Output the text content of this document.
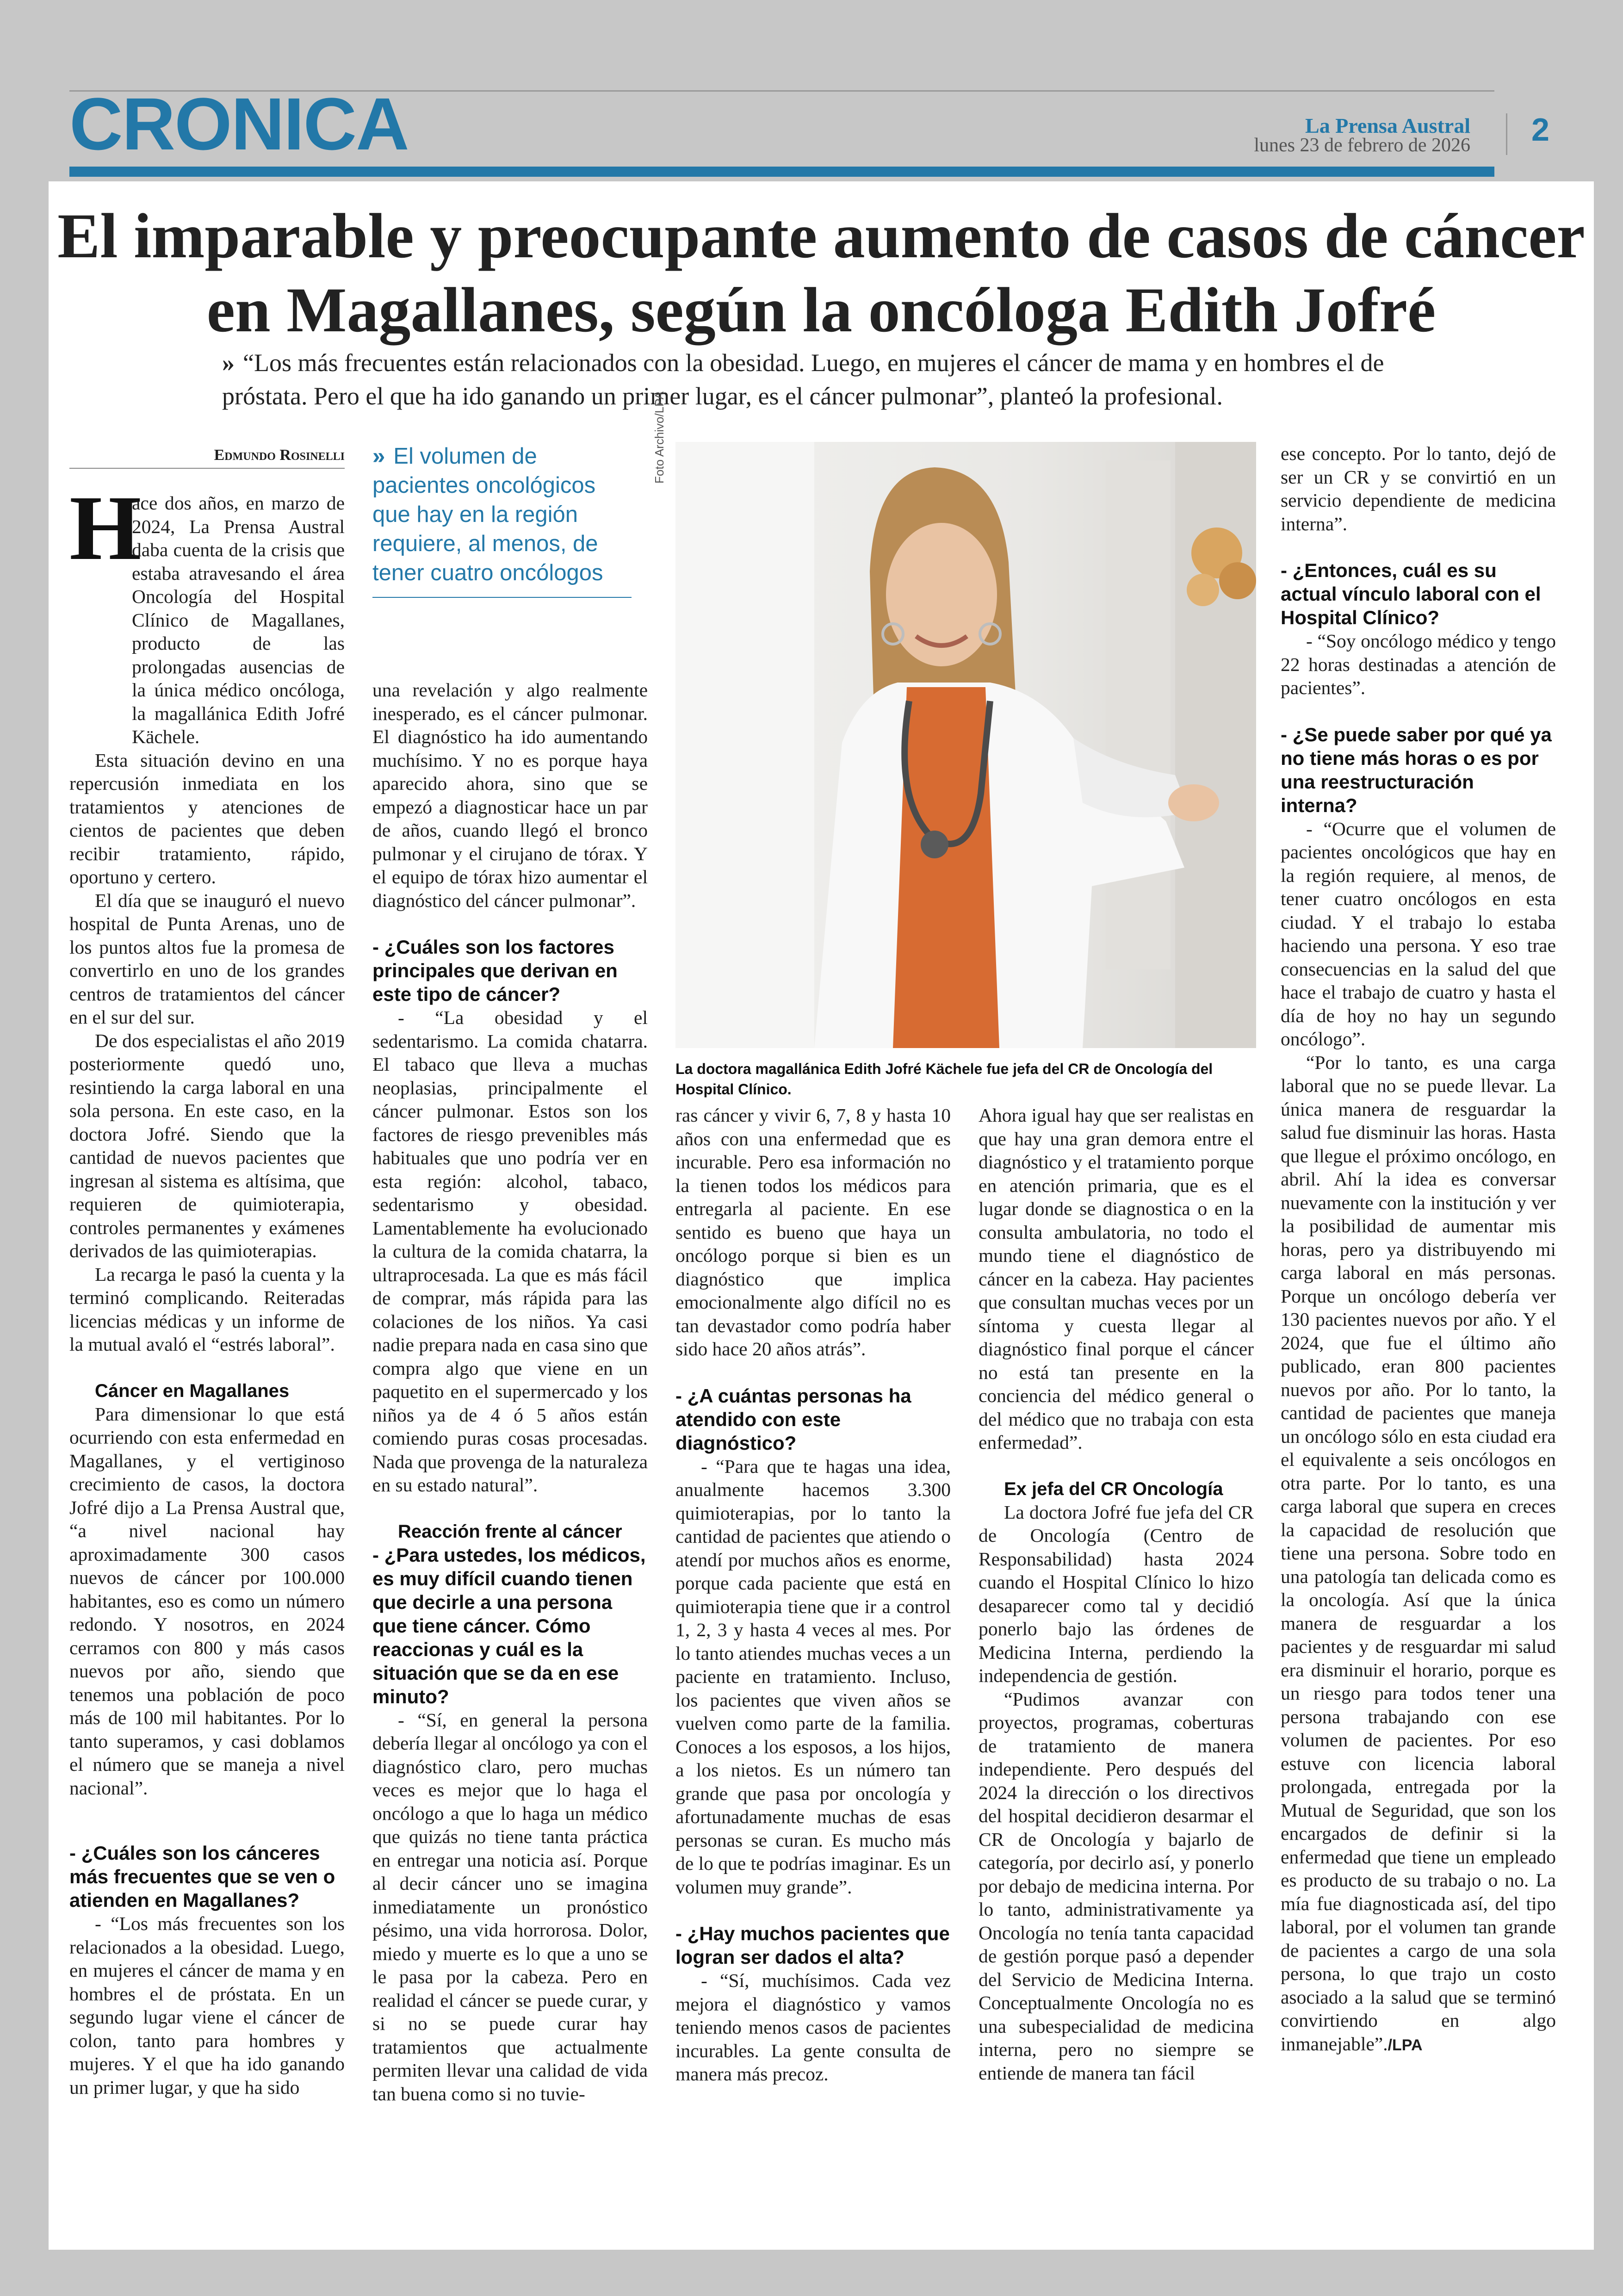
CRONICA	La Prensa Austral
lunes 23 de febrero de 2026 2
El imparable y preocupante aumento de casos de cáncer en Magallanes, según la oncóloga Edith Jofré
» “Los más frecuentes están relacionados con la obesidad. Luego, en mujeres el cáncer de mama y en hombres el de próstata. Pero el que ha ido ganando un primer lugar, es el cáncer pulmonar”, planteó la profesional.
Edmundo Rosinelli
H
» El volumen de pacientes oncológicos que hay en la región requiere, al menos, de tener cuatro oncólogos
Foto Archivo/LPA
La doctora magallánica Edith Jofré Kächele fue jefa del CR de Oncología del Hospital Clínico.

ace dos años, en marzo de 2024, La Prensa Austral daba cuenta de la crisis que estaba atravesando el área Oncología del Hospital Clínico de Magallanes, producto de las prolongadas ausencias de la única médico oncóloga, la magallánica Edith Jofré Kächele.

Esta situación devino en una repercusión inmediata en los tratamientos y atenciones de cientos de pacientes que deben recibir tratamiento, rápido, oportuno y certero.

El día que se inauguró el nuevo hospital de Punta Arenas, uno de los puntos altos fue la promesa de convertirlo en uno de los grandes centros de tratamientos del cáncer en el sur del sur.

De dos especialistas el año 2019 posteriormente quedó uno, resintiendo la carga laboral en una sola persona. En este caso, en la doctora Jofré. Siendo que la cantidad de nuevos pacientes que ingresan al sistema es altísima, que requieren de quimioterapia, controles permanentes y exámenes derivados de las quimioterapias.

La recarga le pasó la cuenta y la terminó complicando. Reiteradas licencias médicas y un informe de la mutual avaló el “estrés laboral”.

Cáncer en Magallanes

Para dimensionar lo que está ocurriendo con esta enfermedad en Magallanes, y el vertiginoso crecimiento de casos, la doctora Jofré dijo a La Prensa Austral que, “a nivel nacional hay aproximadamente 300 casos nuevos de cáncer por 100.000 habitantes, eso es como un número redondo. Y nosotros, en 2024 cerramos con 800 y más casos nuevos por año, siendo que tenemos una población de poco más de 100 mil habitantes. Por lo tanto superamos, y casi doblamos el número que se maneja a nivel nacional”.

- ¿Cuáles son los cánceres más frecuentes que se ven o atienden en Magallanes?

- “Los más frecuentes son los relacionados a la obesidad. Luego, en mujeres el cáncer de mama y en hombres el de próstata. En un segundo lugar viene el cáncer de colon, tanto para hombres y mujeres. Y el que ha ido ganando un primer lugar, y que ha sido

una revelación y algo realmente inesperado, es el cáncer pulmonar. El diagnóstico ha ido aumentando muchísimo. Y no es porque haya aparecido ahora, sino que se empezó a diagnosticar hace un par de años, cuando llegó el bronco pulmonar y el cirujano de tórax. Y el equipo de tórax hizo aumentar el diagnóstico del cáncer pulmonar”.

- ¿Cuáles son los factores principales que derivan en este tipo de cáncer?

- “La obesidad y el sedentarismo. La comida chatarra. El tabaco que lleva a muchas neoplasias, principalmente el cáncer pulmonar. Estos son los factores de riesgo prevenibles más habituales que uno podría ver en esta región: alcohol, tabaco, sedentarismo y obesidad. Lamentablemente ha evolucionado la cultura de la comida chatarra, la ultraprocesada. La que es más fácil de comprar, más rápida para las colaciones de los niños. Ya casi nadie prepara nada en casa sino que compra algo que viene en un paquetito en el supermercado y los niños ya de 4 ó 5 años están comiendo puras cosas procesadas. Nada que provenga de la naturaleza en su estado natural”.

Reacción frente al cáncer
- ¿Para ustedes, los médicos, es muy difícil cuando tienen que decirle a una persona que tiene cáncer. Cómo reaccionas y cuál es la situación que se da en ese minuto?

- “Sí, en general la persona debería llegar al oncólogo ya con el diagnóstico claro, pero muchas veces es mejor que lo haga el oncólogo a que lo haga un médico que quizás no tiene tanta práctica en entregar una noticia así. Porque al decir cáncer uno se imagina inmediatamente un pronóstico pésimo, una vida horrorosa. Dolor, miedo y muerte es lo que a uno se le pasa por la cabeza. Pero en realidad el cáncer se puede curar, y si no se puede curar hay tratamientos que actualmente permiten llevar una calidad de vida tan buena como si no tuvie-

ras cáncer y vivir 6, 7, 8 y hasta 10 años con una enfermedad que es incurable. Pero esa información no la tienen todos los médicos para entregarla al paciente. En ese sentido es bueno que haya un oncólogo porque si bien es un diagnóstico que implica emocionalmente algo difícil no es tan devastador como podría haber sido hace 20 años atrás”.

- ¿A cuántas personas ha atendido con este diagnóstico?

- “Para que te hagas una idea, anualmente hacemos 3.300 quimioterapias, por lo tanto la cantidad de pacientes que atiendo o atendí por muchos años es enorme, porque cada paciente que está en quimioterapia tiene que ir a control 1, 2, 3 y hasta 4 veces al mes. Por lo tanto atiendes muchas veces a un paciente en tratamiento. Incluso, los pacientes que viven años se vuelven como parte de la familia. Conoces a los esposos, a los hijos, a los nietos. Es un número tan grande que pasa por oncología y afortunadamente muchas de esas personas se curan. Es mucho más de lo que te podrías imaginar. Es un volumen muy grande”.

- ¿Hay muchos pacientes que logran ser dados el alta?

- “Sí, muchísimos. Cada vez mejora el diagnóstico y vamos teniendo menos casos de pacientes incurables. La gente consulta de manera más precoz.

Ahora igual hay que ser realistas en que hay una gran demora entre el diagnóstico y el tratamiento porque en atención primaria, que es el lugar donde se diagnostica o en la consulta ambulatoria, no todo el mundo tiene el diagnóstico de cáncer en la cabeza. Hay pacientes que consultan muchas veces por un síntoma y cuesta llegar al diagnóstico final porque el cáncer no está tan presente en la conciencia del médico general o del médico que no trabaja con esta enfermedad”.

Ex jefa del CR Oncología

La doctora Jofré fue jefa del CR de Oncología (Centro de Responsabilidad) hasta 2024 cuando el Hospital Clínico lo hizo desaparecer como tal y decidió ponerlo bajo las órdenes de Medicina Interna, perdiendo la independencia de gestión.

“Pudimos avanzar con proyectos, programas, coberturas de tratamiento de manera independiente. Pero después del 2024 la dirección o los directivos del hospital decidieron desarmar el CR de Oncología y bajarlo de categoría, por decirlo así, y ponerlo por debajo de medicina interna. Por lo tanto, administrativamente ya Oncología no tenía tanta capacidad de gestión porque pasó a depender del Servicio de Medicina Interna. Conceptualmente Oncología no es una subespecialidad de medicina interna, pero no siempre se entiende de manera tan fácil

ese concepto. Por lo tanto, dejó de ser un CR y se convirtió en un servicio dependiente de medicina interna”.

- ¿Entonces, cuál es su actual vínculo laboral con el Hospital Clínico?

- “Soy oncólogo médico y tengo 22 horas destinadas a atención de pacientes”.

- ¿Se puede saber por qué ya no tiene más horas o es por una reestructuración interna?

- “Ocurre que el volumen de pacientes oncológicos que hay en la región requiere, al menos, de tener cuatro oncólogos en esta ciudad. Y el trabajo lo estaba haciendo una persona. Y eso trae consecuencias en la salud del que hace el trabajo de cuatro y hasta el día de hoy no hay un segundo oncólogo”.

“Por lo tanto, es una carga laboral que no se puede llevar. La única manera de resguardar la salud fue disminuir las horas. Hasta que llegue el próximo oncólogo, en abril. Ahí la idea es conversar nuevamente con la institución y ver la posibilidad de aumentar mis horas, pero ya distribuyendo mi carga laboral en más personas. Porque un oncólogo debería ver 130 pacientes nuevos por año. Y el 2024, que fue el último año publicado, eran 800 pacientes nuevos por año. Por lo tanto, la cantidad de pacientes que maneja un oncólogo sólo en esta ciudad era el equivalente a seis oncólogos en otra parte. Por lo tanto, es una carga laboral que supera en creces la capacidad de resolución que tiene una persona. Sobre todo en una patología tan delicada como es la oncología. Así que la única manera de resguardar a los pacientes y de resguardar mi salud era disminuir el horario, porque es un riesgo para todos tener una persona trabajando con ese volumen de pacientes. Por eso estuve con licencia laboral prolongada, entregada por la Mutual de Seguridad, que son los encargados de definir si la enfermedad que tiene un empleado es producto de su trabajo o no. La mía fue diagnosticada así, del tipo laboral, por el volumen tan grande de pacientes a cargo de una sola persona, lo que trajo un costo asociado a la salud que se terminó convirtiendo en algo inmanejable”./LPA
